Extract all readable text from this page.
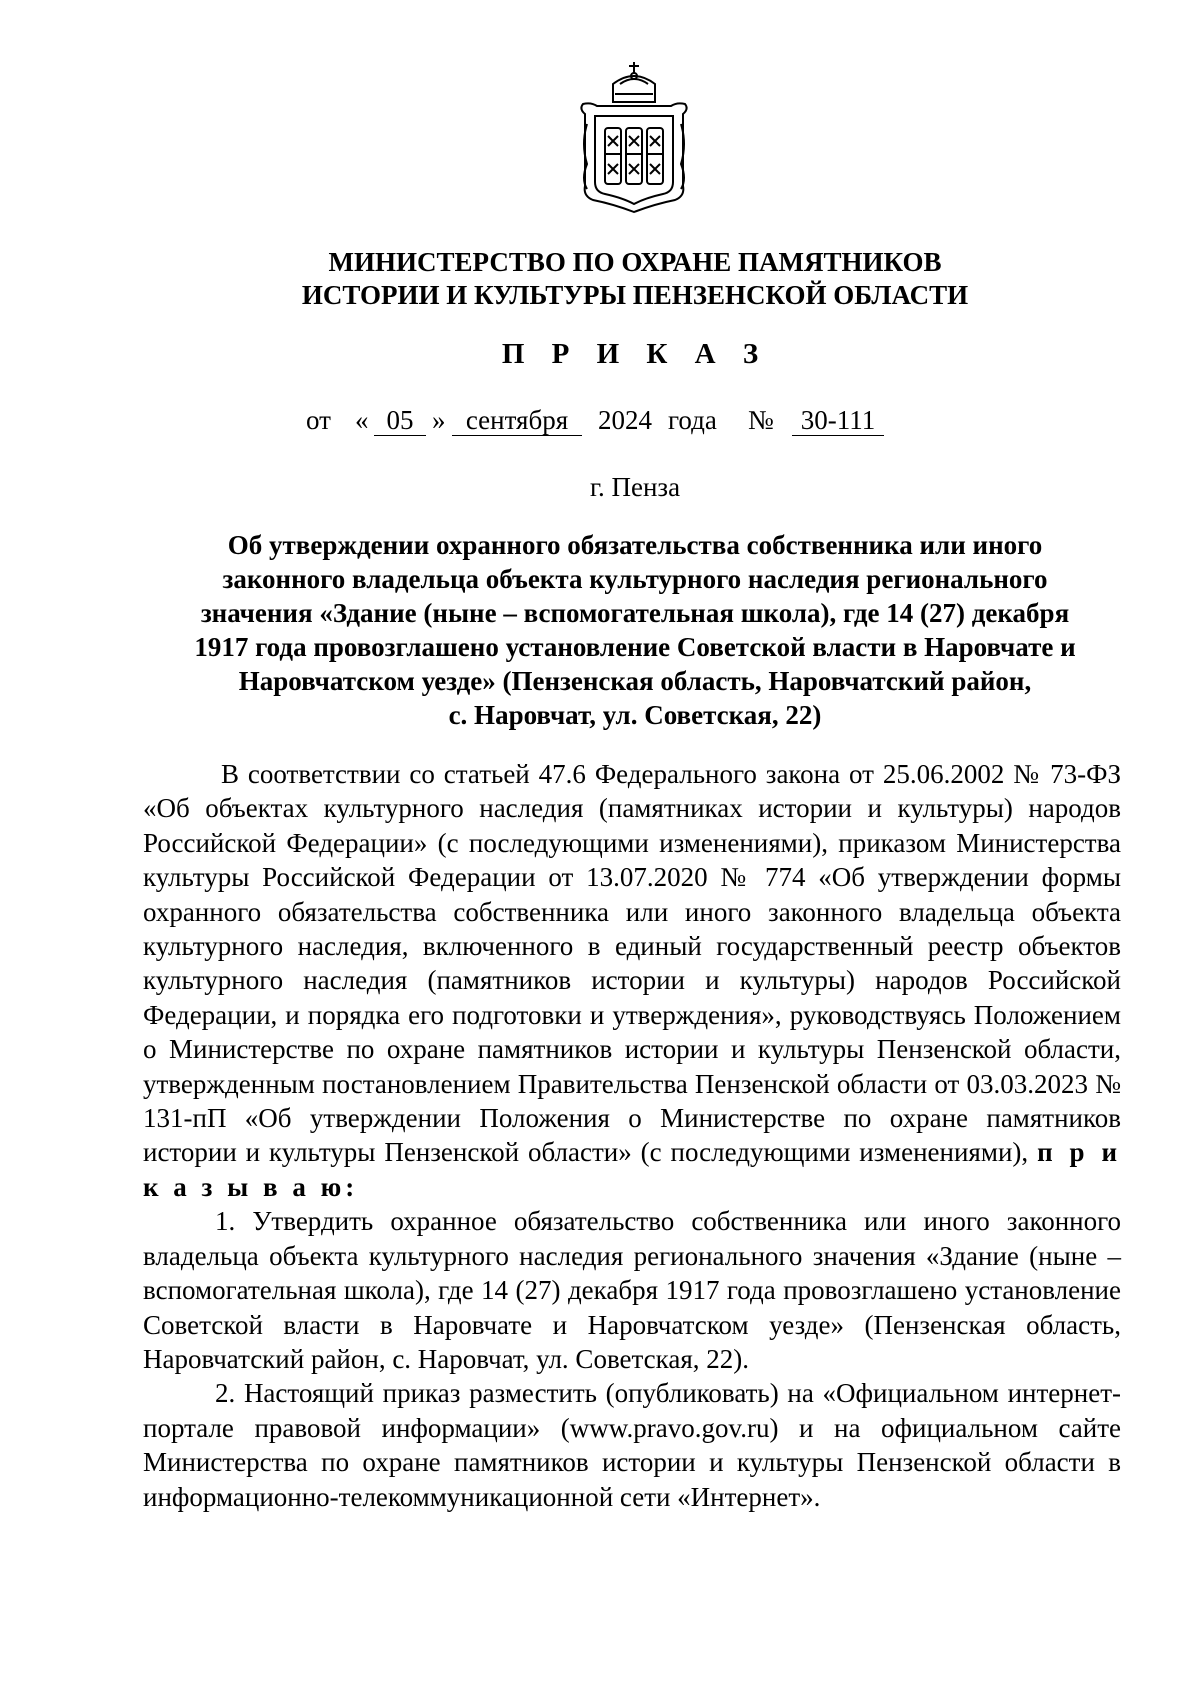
МИНИСТЕРСТВО ПО ОХРАНЕ ПАМЯТНИКОВ
ИСТОРИИ И КУЛЬТУРЫ ПЕНЗЕНСКОЙ ОБЛАСТИ
П Р И К А З
от « 05 » сентября	2024 года № 30-111
г. Пенза
Об утверждении охранного обязательства собственника или иного
законного владельца объекта культурного наследия регионального
значения «Здание (ныне – вспомогательная школа), где 14 (27) декабря
1917 года провозглашено установление Советской власти в Наровчате и
Наровчатском уезде» (Пензенская область, Наровчатский район,
с. Наровчат, ул. Советская, 22)

В соответствии со статьей 47.6 Федерального закона от 25.06.2002 № 73-ФЗ «Об объектах культурного наследия (памятниках истории и культуры) народов Российской Федерации» (с последующими изменениями), приказом Министерства культуры Российской Федерации от 13.07.2020 № 774 «Об утверждении формы охранного обязательства собственника или иного законного владельца объекта культурного наследия, включенного в единый государственный реестр объектов культурного наследия (памятников истории и культуры) народов Российской Федерации, и порядка его подготовки и утверждения», руководствуясь Положением о Министерстве по охране памятников истории и культуры Пензенской области, утвержденным постановлением Правительства Пензенской области от 03.03.2023 № 131-пП «Об утверждении Положения о Министерстве по охране памятников истории и культуры Пензенской области» (с последующими изменениями), п р и к а з ы в а ю:

1. Утвердить охранное обязательство собственника или иного законного владельца объекта культурного наследия регионального значения «Здание (ныне – вспомогательная школа), где 14 (27) декабря 1917 года провозглашено установление Советской власти в Наровчате и Наровчатском уезде» (Пензенская область, Наровчатский район, с. Наровчат, ул. Советская, 22).

2. Настоящий приказ разместить (опубликовать) на «Официальном интернет-портале правовой информации» (www.pravo.gov.ru) и на официальном сайте Министерства по охране памятников истории и культуры Пензенской области в информационно-телекоммуникационной сети «Интернет».
